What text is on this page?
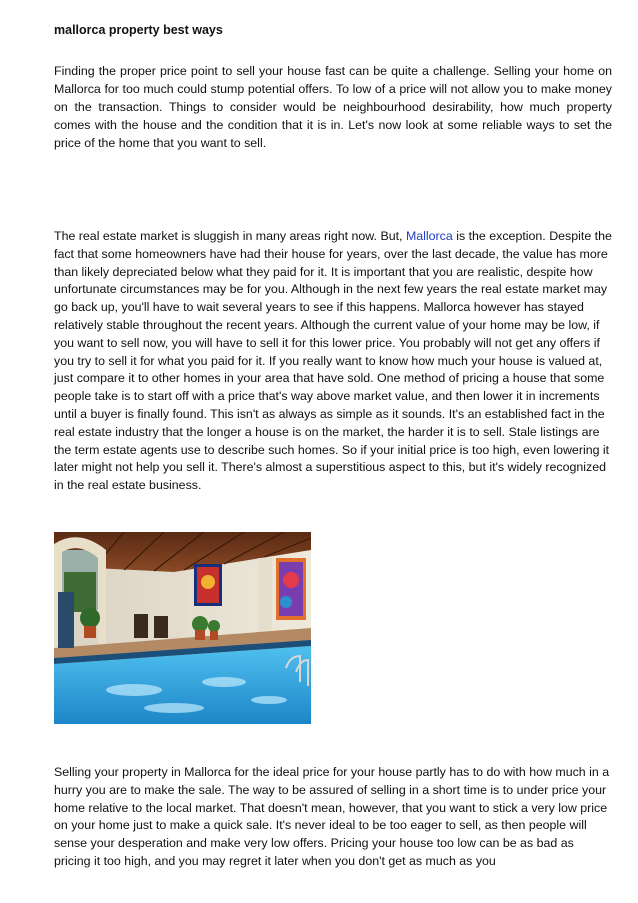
mallorca property best ways

Finding the proper price point to sell your house fast can be quite a challenge. Selling your home on Mallorca for too much could stump potential offers. To low of a price will not allow you to make money on the transaction. Things to consider would be neighbourhood desirability, how much property comes with the house and the condition that it is in. Let's now look at some reliable ways to set the price of the home that you want to sell.

The real estate market is sluggish in many areas right now. But, Mallorca is the exception. Despite the fact that some homeowners have had their house for years, over the last decade, the value has more than likely depreciated below what they paid for it. It is important that you are realistic, despite how unfortunate circumstances may be for you. Although in the next few years the real estate market may go back up, you'll have to wait several years to see if this happens. Mallorca however has stayed relatively stable throughout the recent years. Although the current value of your home may be low, if you want to sell now, you will have to sell it for this lower price. You probably will not get any offers if you try to sell it for what you paid for it. If you really want to know how much your house is valued at, just compare it to other homes in your area that have sold. One method of pricing a house that some people take is to start off with a price that's way above market value, and then lower it in increments until a buyer is finally found. This isn't as always as simple as it sounds. It's an established fact in the real estate industry that the longer a house is on the market, the harder it is to sell. Stale listings are the term estate agents use to describe such homes. So if your initial price is too high, even lowering it later might not help you sell it. There's almost a superstitious aspect to this, but it's widely recognized in the real estate business.

Selling your property in Mallorca for the ideal price for your house partly has to do with how much in a hurry you are to make the sale. The way to be assured of selling in a short time is to under price your home relative to the local market. That doesn't mean, however, that you want to stick a very low price on your home just to make a quick sale. It's never ideal to be too eager to sell, as then people will sense your desperation and make very low offers. Pricing your house too low can be as bad as pricing it too high, and you may regret it later when you don't get as much as you
